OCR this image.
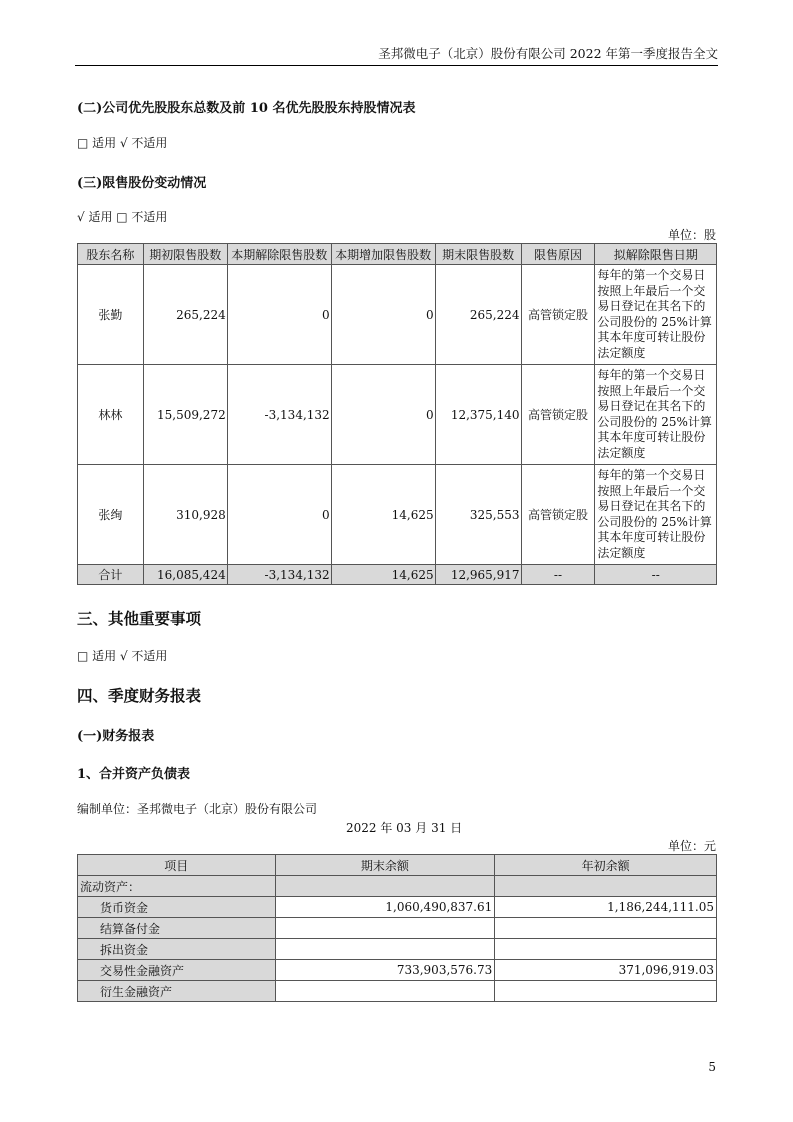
圣邦微电子（北京）股份有限公司 2022 年第一季度报告全文
(二)公司优先股股东总数及前 10 名优先股股东持股情况表
□ 适用 √ 不适用
(三)限售股份变动情况
√ 适用 □ 不适用
单位：股
股东名称	期初限售股数	本期解除限售股数	本期增加限售股数	期末限售股数	限售原因	拟解除限售日期
张勤	265,224	0	0	265,224	高管锁定股	每年的第一个交易日按照上年最后一个交易日登记在其名下的公司股份的 25%计算其本年度可转让股份法定额度
林林	15,509,272	-3,134,132	0	12,375,140	高管锁定股	每年的第一个交易日按照上年最后一个交易日登记在其名下的公司股份的 25%计算其本年度可转让股份法定额度
张绚	310,928	0	14,625	325,553	高管锁定股	每年的第一个交易日按照上年最后一个交易日登记在其名下的公司股份的 25%计算其本年度可转让股份法定额度
合计	16,085,424	-3,134,132	14,625	12,965,917	--	--
三、其他重要事项
□ 适用 √ 不适用
四、季度财务报表
(一)财务报表
1、合并资产负债表
编制单位：圣邦微电子（北京）股份有限公司
2022 年 03 月 31 日
单位：元
项目	期末余额	年初余额
流动资产：		
货币资金	1,060,490,837.61	1,186,244,111.05
结算备付金		
拆出资金		
交易性金融资产	733,903,576.73	371,096,919.03
衍生金融资产		
5
